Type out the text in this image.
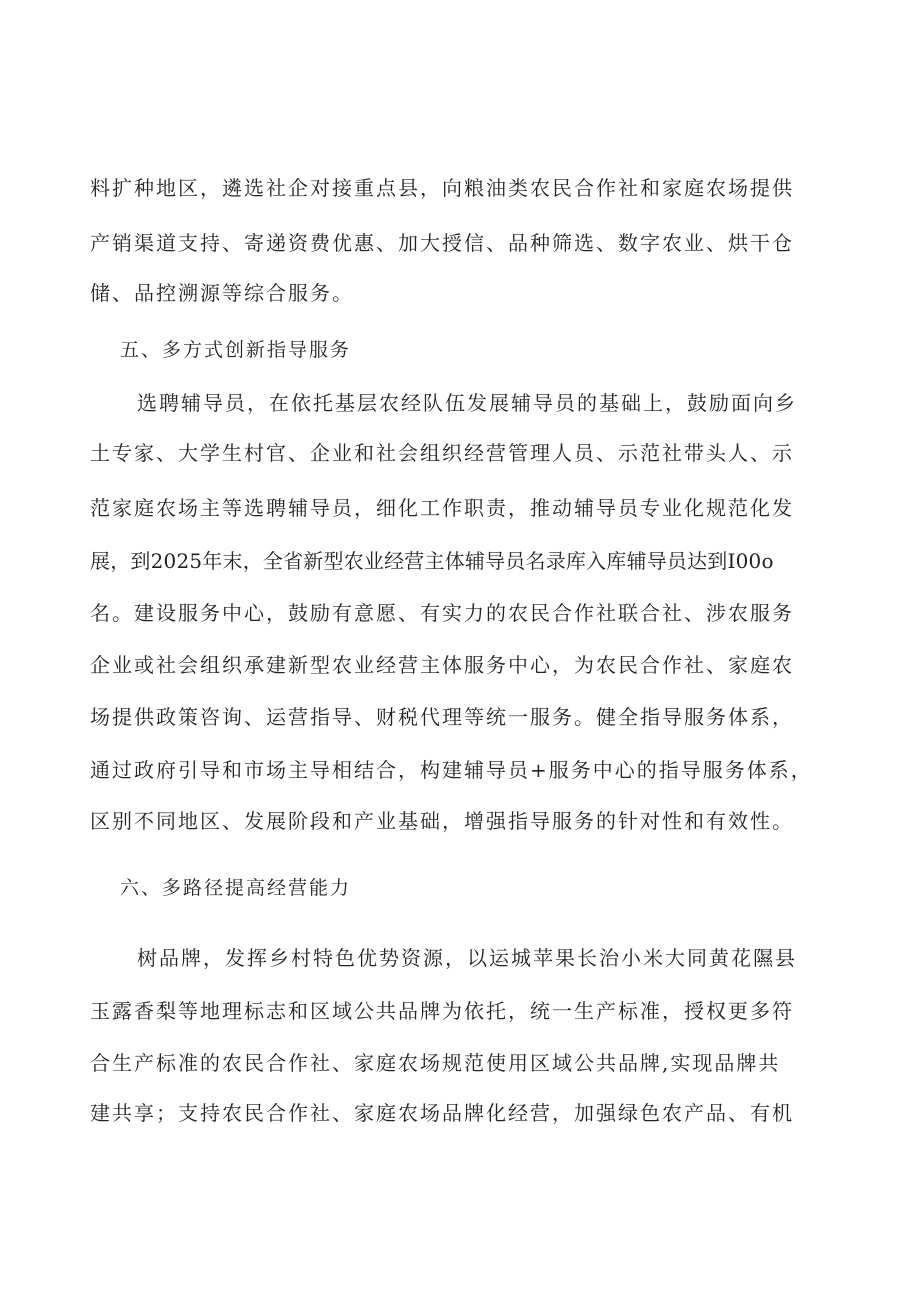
料扩种地区，遴选社企对接重点县，向粮油类农民合作社和家庭农场提供

产销渠道支持、寄递资费优惠、加大授信、品种筛选、数字农业、烘干仓

储、品控溯源等综合服务。

五、多方式创新指导服务

选聘辅导员，在依托基层农经队伍发展辅导员的基础上，鼓励面向乡

土专家、大学生村官、企业和社会组织经营管理人员、示范社带头人、示

范家庭农场主等选聘辅导员，细化工作职责，推动辅导员专业化规范化发

展，到2025年末，全省新型农业经营主体辅导员名录库入库辅导员达到I00o

名。建设服务中心，鼓励有意愿、有实力的农民合作社联合社、涉农服务

企业或社会组织承建新型农业经营主体服务中心，为农民合作社、家庭农

场提供政策咨询、运营指导、财税代理等统一服务。健全指导服务体系，

通过政府引导和市场主导相结合，构建辅导员+服务中心的指导服务体系，

区别不同地区、发展阶段和产业基础，增强指导服务的针对性和有效性。

六、多路径提高经营能力

树品牌，发挥乡村特色优势资源，以运城苹果长治小米大同黄花隰县

玉露香梨等地理标志和区域公共品牌为依托，统一生产标准，授权更多符

合生产标准的农民合作社、家庭农场规范使用区域公共品牌,实现品牌共

建共享；支持农民合作社、家庭农场品牌化经营，加强绿色农产品、有机
